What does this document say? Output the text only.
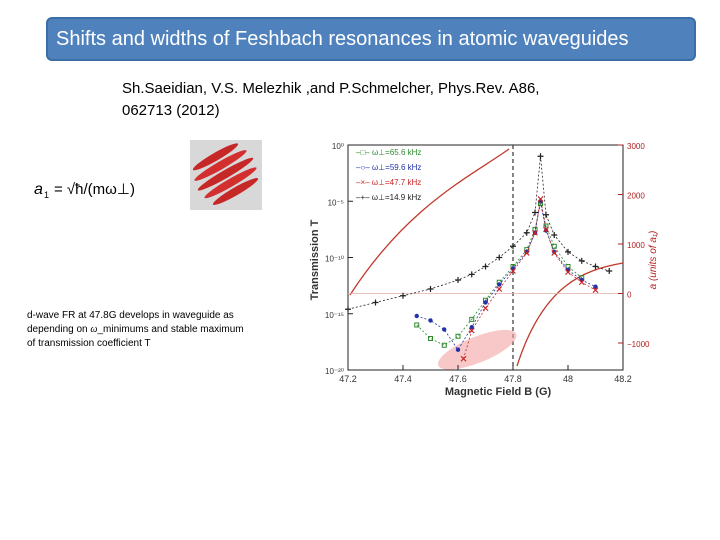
Shifts and widths of Feshbach resonances in atomic waveguides
Sh.Saeidian, V.S. Melezhik ,and P.Schmelcher, Phys.Rev. A86,
062713 (2012)
a 1 = √ħ/(mω⊥)
d-wave FR at 47.8G develops in waveguide as
depending on ω_minimums and stable maximum
of transmission coefficient T
10⁰
10⁻⁵
10⁻¹⁰
10⁻¹⁵
10⁻²⁰
3000
2000
1000
0
−1000
47.2	47.4	47.6	47.8	48	48.2
–□– ω⊥=65.6 kHz
–○– ω⊥=59.6 kHz
–×– ω⊥=47.7 kHz
–+– ω⊥=14.9 kHz
Magnetic Field B (G)
Transmission T	a (units of a₁)
